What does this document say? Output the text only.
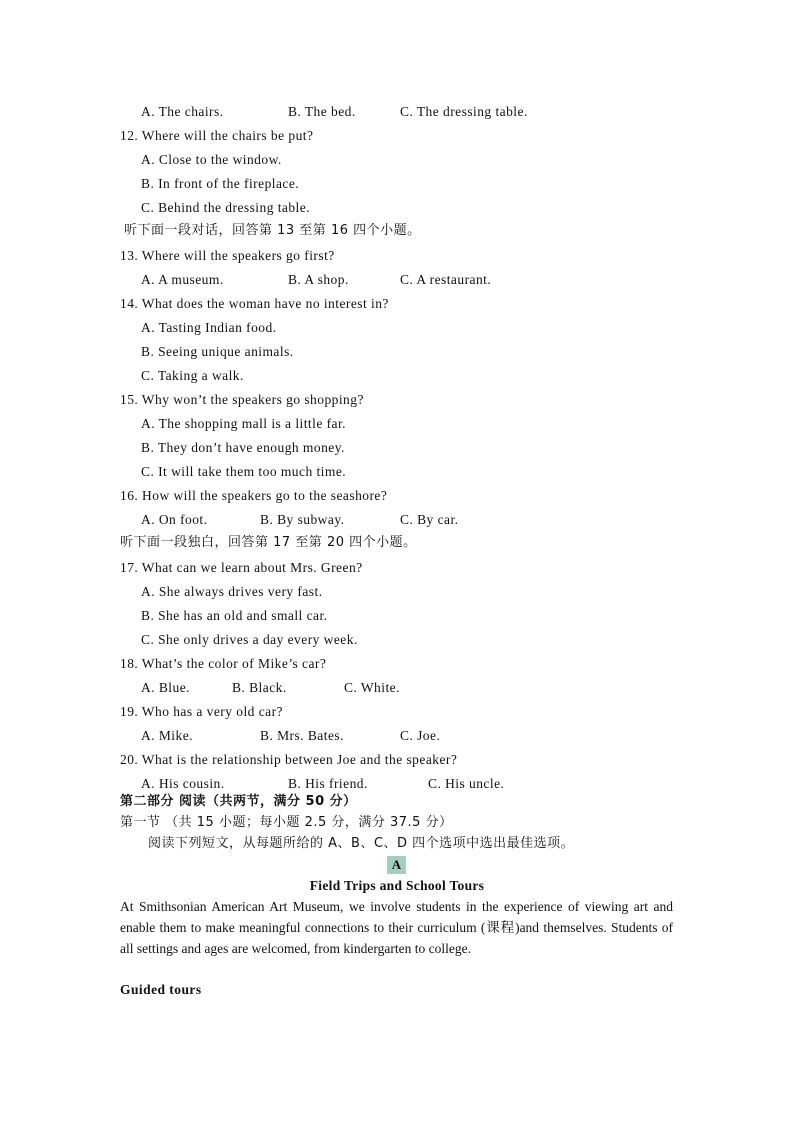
A. The chairs.	B. The bed.	C. The dressing table.
12. Where will the chairs be put?
A. Close to the window.
B. In front of the fireplace.
C. Behind the dressing table.
听下面一段对话，回答第 13 至第 16 四个小题。
13. Where will the speakers go first?
A. A museum.	B. A shop.	C. A restaurant.
14. What does the woman have no interest in?
A. Tasting Indian food.
B. Seeing unique animals.
C. Taking a walk.
15. Why won’t the speakers go shopping?
A. The shopping mall is a little far.
B. They don’t have enough money.
C. It will take them too much time.
16. How will the speakers go to the seashore?
A. On foot.	B. By subway.	C. By car.
听下面一段独白，回答第 17 至第 20 四个小题。
17. What can we learn about Mrs. Green?
A. She always drives very fast.
B. She has an old and small car.
C. She only drives a day every week.
18. What’s the color of Mike’s car?
A. Blue.	B. Black.	C. White.
19. Who has a very old car?
A. Mike.	B. Mrs. Bates.	C. Joe.
20. What is the relationship between Joe and the speaker?
A. His cousin.	B. His friend.	C. His uncle.
第二部分 阅读（共两节，满分 50 分）
第一节 （共 15 小题；每小题 2.5 分，满分 37.5 分）
阅读下列短文，从每题所给的 A、B、C、D 四个选项中选出最佳选项。
A
Field Trips and School Tours
At Smithsonian American Art Museum, we involve students in the experience of viewing art and enable them to make meaningful connections to their curriculum (课程)and themselves. Students of all settings and ages are welcomed, from kindergarten to college.
Guided tours
